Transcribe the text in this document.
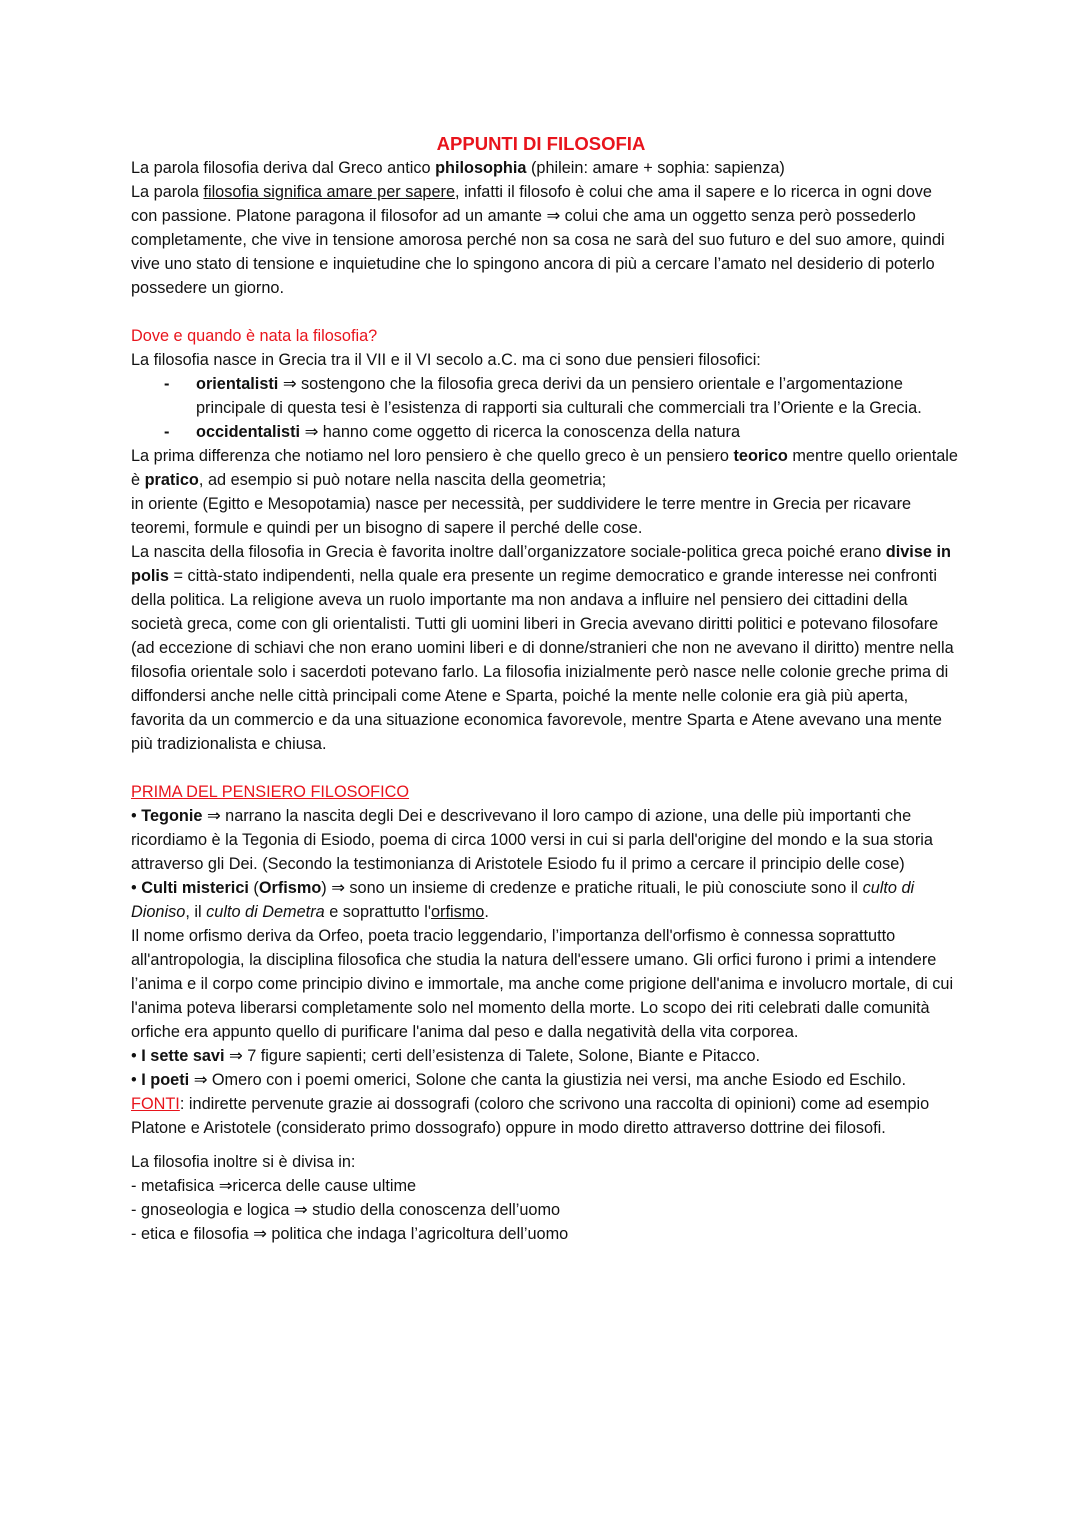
APPUNTI DI FILOSOFIA

La parola filosofia deriva dal Greco antico philosophia (philein: amare + sophia: sapienza)

La parola filosofia significa amare per sapere, infatti il filosofo è colui che ama il sapere e lo ricerca in ogni dove con passione. Platone paragona il filosofor ad un amante ⇒ colui che ama un oggetto senza però possederlo completamente, che vive in tensione amorosa perché non sa cosa ne sarà del suo futuro e del suo amore, quindi vive uno stato di tensione e inquietudine che lo spingono ancora di più a cercare l’amato nel desiderio di poterlo possedere un giorno.

Dove e quando è nata la filosofia?

La filosofia nasce in Grecia tra il VII e il VI secolo a.C. ma ci sono due pensieri filosofici:

- orientalisti ⇒ sostengono che la filosofia greca derivi da un pensiero orientale e l’argomentazione principale di questa tesi è l’esistenza di rapporti sia culturali che commerciali tra l’Oriente e la Grecia.
- occidentalisti ⇒ hanno come oggetto di ricerca la conoscenza della natura

La prima differenza che notiamo nel loro pensiero è che quello greco è un pensiero teorico mentre quello orientale è pratico, ad esempio si può notare nella nascita della geometria;

in oriente (Egitto e Mesopotamia) nasce per necessità, per suddividere le terre mentre in Grecia per ricavare teoremi, formule e quindi per un bisogno di sapere il perché delle cose.

La nascita della filosofia in Grecia è favorita inoltre dall’organizzatore sociale-politica greca poiché erano divise in polis = città-stato indipendenti, nella quale era presente un regime democratico e grande interesse nei confronti della politica. La religione aveva un ruolo importante ma non andava a influire nel pensiero dei cittadini della società greca, come con gli orientalisti. Tutti gli uomini liberi in Grecia avevano diritti politici e potevano filosofare (ad eccezione di schiavi che non erano uomini liberi e di donne/stranieri che non ne avevano il diritto) mentre nella filosofia orientale solo i sacerdoti potevano farlo. La filosofia inizialmente però nasce nelle colonie greche prima di diffondersi anche nelle città principali come Atene e Sparta, poiché la mente nelle colonie era già più aperta, favorita da un commercio e da una situazione economica favorevole, mentre Sparta e Atene avevano una mente più tradizionalista e chiusa.

PRIMA DEL PENSIERO FILOSOFICO

• Tegonie ⇒ narrano la nascita degli Dei e descrivevano il loro campo di azione, una delle più importanti che ricordiamo è la Tegonia di Esiodo, poema di circa 1000 versi in cui si parla dell'origine del mondo e la sua storia attraverso gli Dei. (Secondo la testimonianza di Aristotele Esiodo fu il primo a cercare il principio delle cose)

• Culti misterici (Orfismo) ⇒ sono un insieme di credenze e pratiche rituali, le più conosciute sono il culto di Dioniso, il culto di Demetra e soprattutto l'orfismo.

Il nome orfismo deriva da Orfeo, poeta tracio leggendario, l’importanza dell'orfismo è connessa soprattutto all'antropologia, la disciplina filosofica che studia la natura dell'essere umano. Gli orfici furono i primi a intendere l’anima e il corpo come principio divino e immortale, ma anche come prigione dell'anima e involucro mortale, di cui l'anima poteva liberarsi completamente solo nel momento della morte. Lo scopo dei riti celebrati dalle comunità orfiche era appunto quello di purificare l'anima dal peso e dalla negatività della vita corporea.

• I sette savi ⇒ 7 figure sapienti; certi dell’esistenza di Talete, Solone, Biante e Pitacco.

• I poeti ⇒ Omero con i poemi omerici, Solone che canta la giustizia nei versi, ma anche Esiodo ed Eschilo.

FONTI: indirette pervenute grazie ai dossografi (coloro che scrivono una raccolta di opinioni) come ad esempio Platone e Aristotele (considerato primo dossografo) oppure in modo diretto attraverso dottrine dei filosofi.

La filosofia inoltre si è divisa in:

- metafisica ⇒ricerca delle cause ultime

- gnoseologia e logica ⇒ studio della conoscenza dell’uomo

- etica e filosofia ⇒ politica che indaga l’agricoltura dell’uomo
